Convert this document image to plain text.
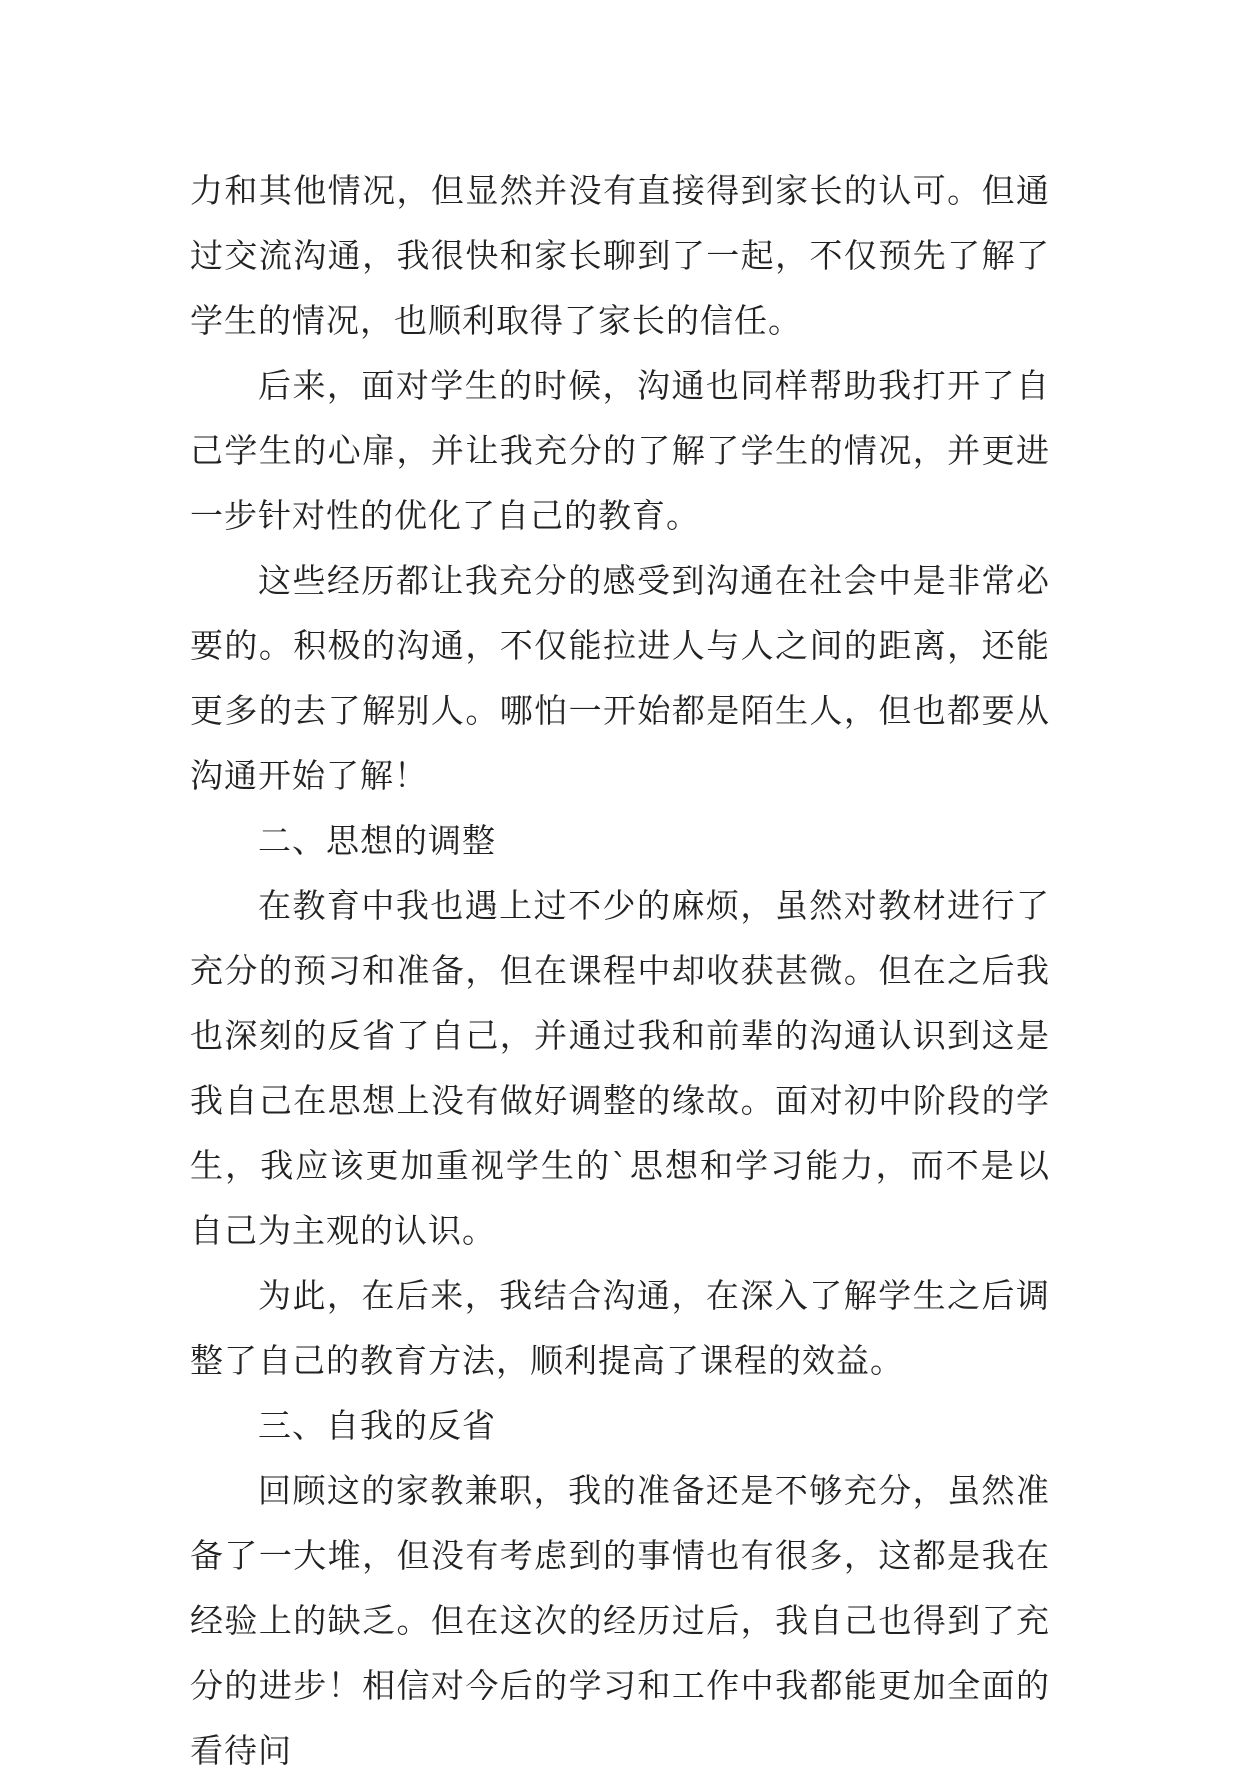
力和其他情况，但显然并没有直接得到家长的认可。但通过交流沟通，我很快和家长聊到了一起，不仅预先了解了学生的情况，也顺利取得了家长的信任。

后来，面对学生的时候，沟通也同样帮助我打开了自己学生的心扉，并让我充分的了解了学生的情况，并更进一步针对性的优化了自己的教育。

这些经历都让我充分的感受到沟通在社会中是非常必要的。积极的沟通，不仅能拉进人与人之间的距离，还能更多的去了解别人。哪怕一开始都是陌生人，但也都要从沟通开始了解！

二、思想的调整

在教育中我也遇上过不少的麻烦，虽然对教材进行了充分的预习和准备，但在课程中却收获甚微。但在之后我也深刻的反省了自己，并通过我和前辈的沟通认识到这是我自己在思想上没有做好调整的缘故。面对初中阶段的学生，我应该更加重视学生的`思想和学习能力，而不是以自己为主观的认识。

为此，在后来，我结合沟通，在深入了解学生之后调整了自己的教育方法，顺利提高了课程的效益。

三、自我的反省

回顾这的家教兼职，我的准备还是不够充分，虽然准备了一大堆，但没有考虑到的事情也有很多，这都是我在经验上的缺乏。但在这次的经历过后，我自己也得到了充分的进步！相信对今后的学习和工作中我都能更加全面的看待问
